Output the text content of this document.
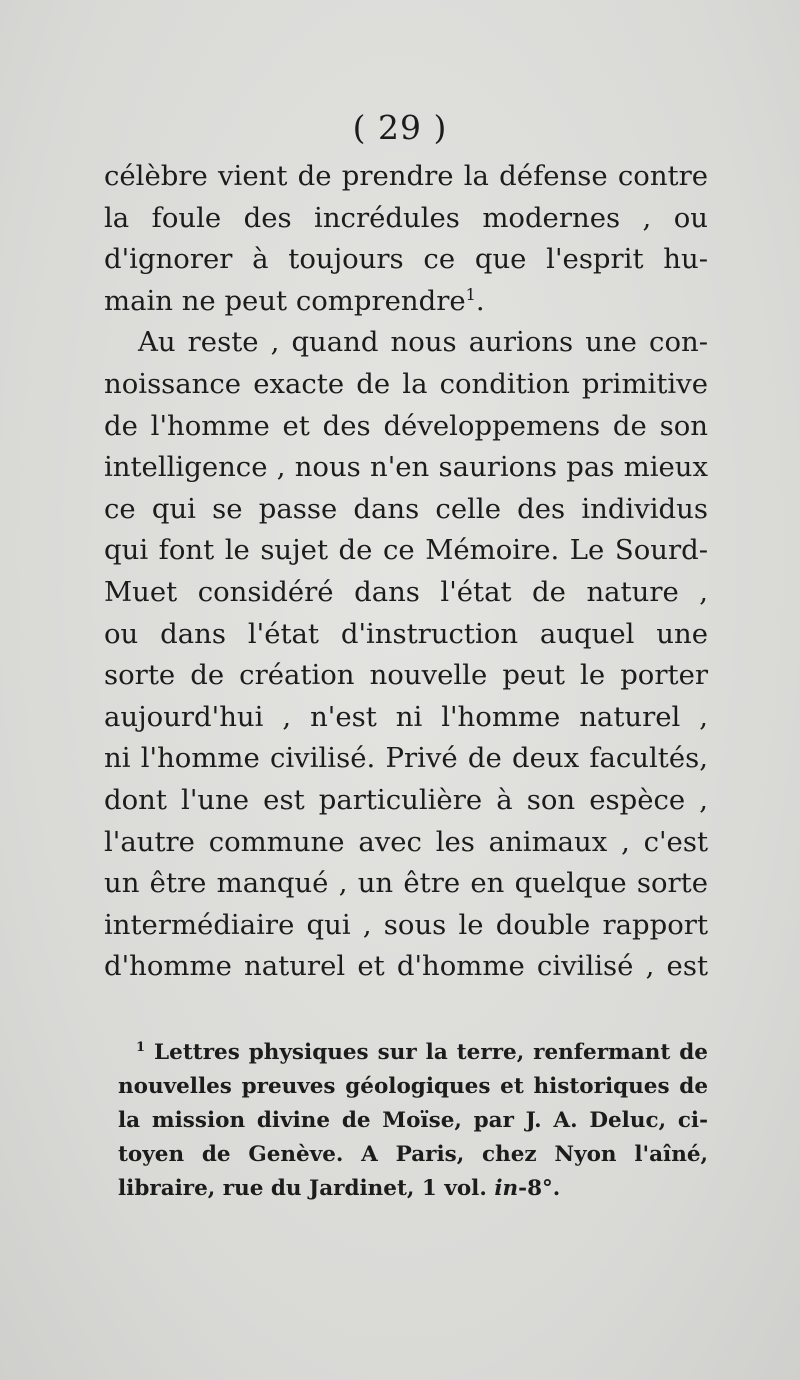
( 29 )
célèbre vient de prendre la défense contre
la foule des incrédules modernes , ou
d'ignorer à toujours ce que l'esprit hu-
main ne peut comprendre$^1$.
Au reste , quand nous aurions une con-
noissance exacte de la condition primitive
de l'homme et des développemens de son
intelligence , nous n'en saurions pas mieux
ce qui se passe dans celle des individus
qui font le sujet de ce Mémoire. Le Sourd-
Muet considéré dans l'état de nature ,
ou dans l'état d'instruction auquel une
sorte de création nouvelle peut le porter
aujourd'hui , n'est ni l'homme naturel ,
ni l'homme civilisé. Privé de deux facultés,
dont l'une est particulière à son espèce ,
l'autre commune avec les animaux , c'est
un être manqué , un être en quelque sorte
intermédiaire qui , sous le double rapport
d'homme naturel et d'homme civilisé , est
$^1$ Lettres physiques sur la terre, renfermant de
nouvelles preuves géologiques et historiques de
la mission divine de Moïse, par J. A. Deluc, ci-
toyen de Genève. A Paris, chez Nyon l'aîné,
libraire, rue du Jardinet, 1 vol. in-8°.
